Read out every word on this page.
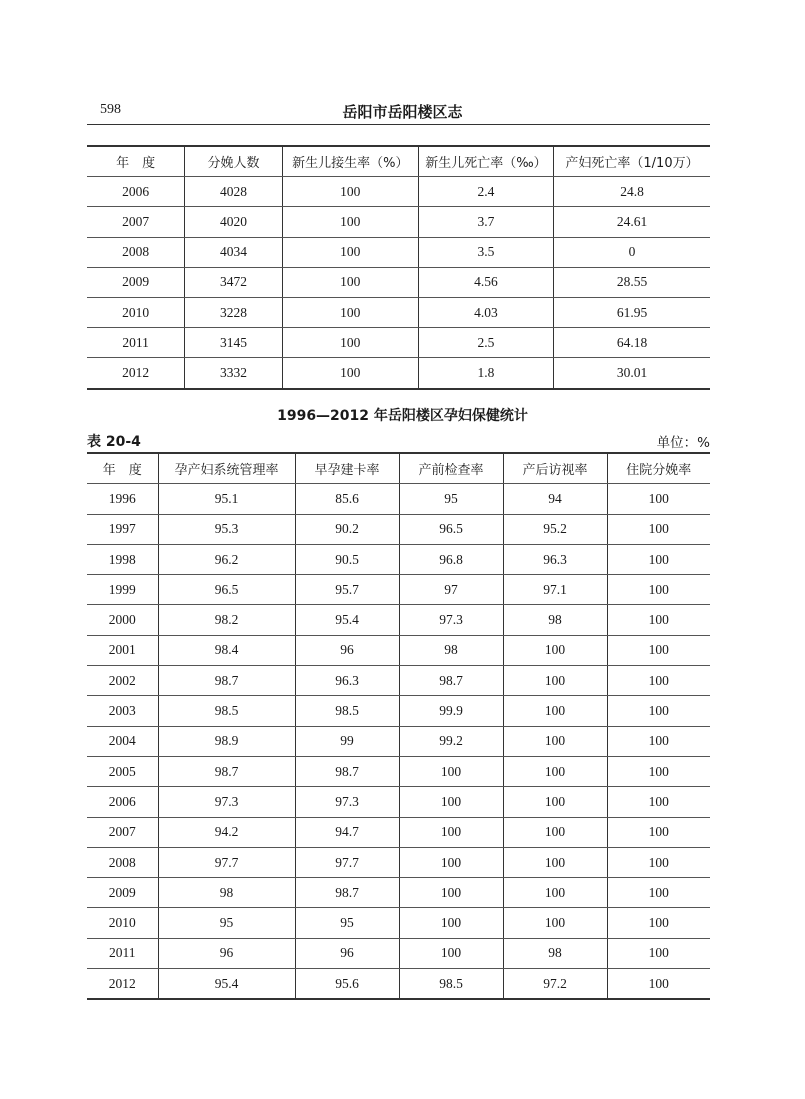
598	岳阳市岳阳楼区志
年　度	分娩人数	新生儿接生率（%）	新生儿死亡率（‰）	产妇死亡率（1/10万）
2006	4028	100	2.4	24.8
2007	4020	100	3.7	24.61
2008	4034	100	3.5	0
2009	3472	100	4.56	28.55
2010	3228	100	4.03	61.95
2011	3145	100	2.5	64.18
2012	3332	100	1.8	30.01
1996—2012 年岳阳楼区孕妇保健统计
表 20-4	单位：%
年　度	孕产妇系统管理率	早孕建卡率	产前检查率	产后访视率	住院分娩率
1996	95.1	85.6	95	94	100
1997	95.3	90.2	96.5	95.2	100
1998	96.2	90.5	96.8	96.3	100
1999	96.5	95.7	97	97.1	100
2000	98.2	95.4	97.3	98	100
2001	98.4	96	98	100	100
2002	98.7	96.3	98.7	100	100
2003	98.5	98.5	99.9	100	100
2004	98.9	99	99.2	100	100
2005	98.7	98.7	100	100	100
2006	97.3	97.3	100	100	100
2007	94.2	94.7	100	100	100
2008	97.7	97.7	100	100	100
2009	98	98.7	100	100	100
2010	95	95	100	100	100
2011	96	96	100	98	100
2012	95.4	95.6	98.5	97.2	100
